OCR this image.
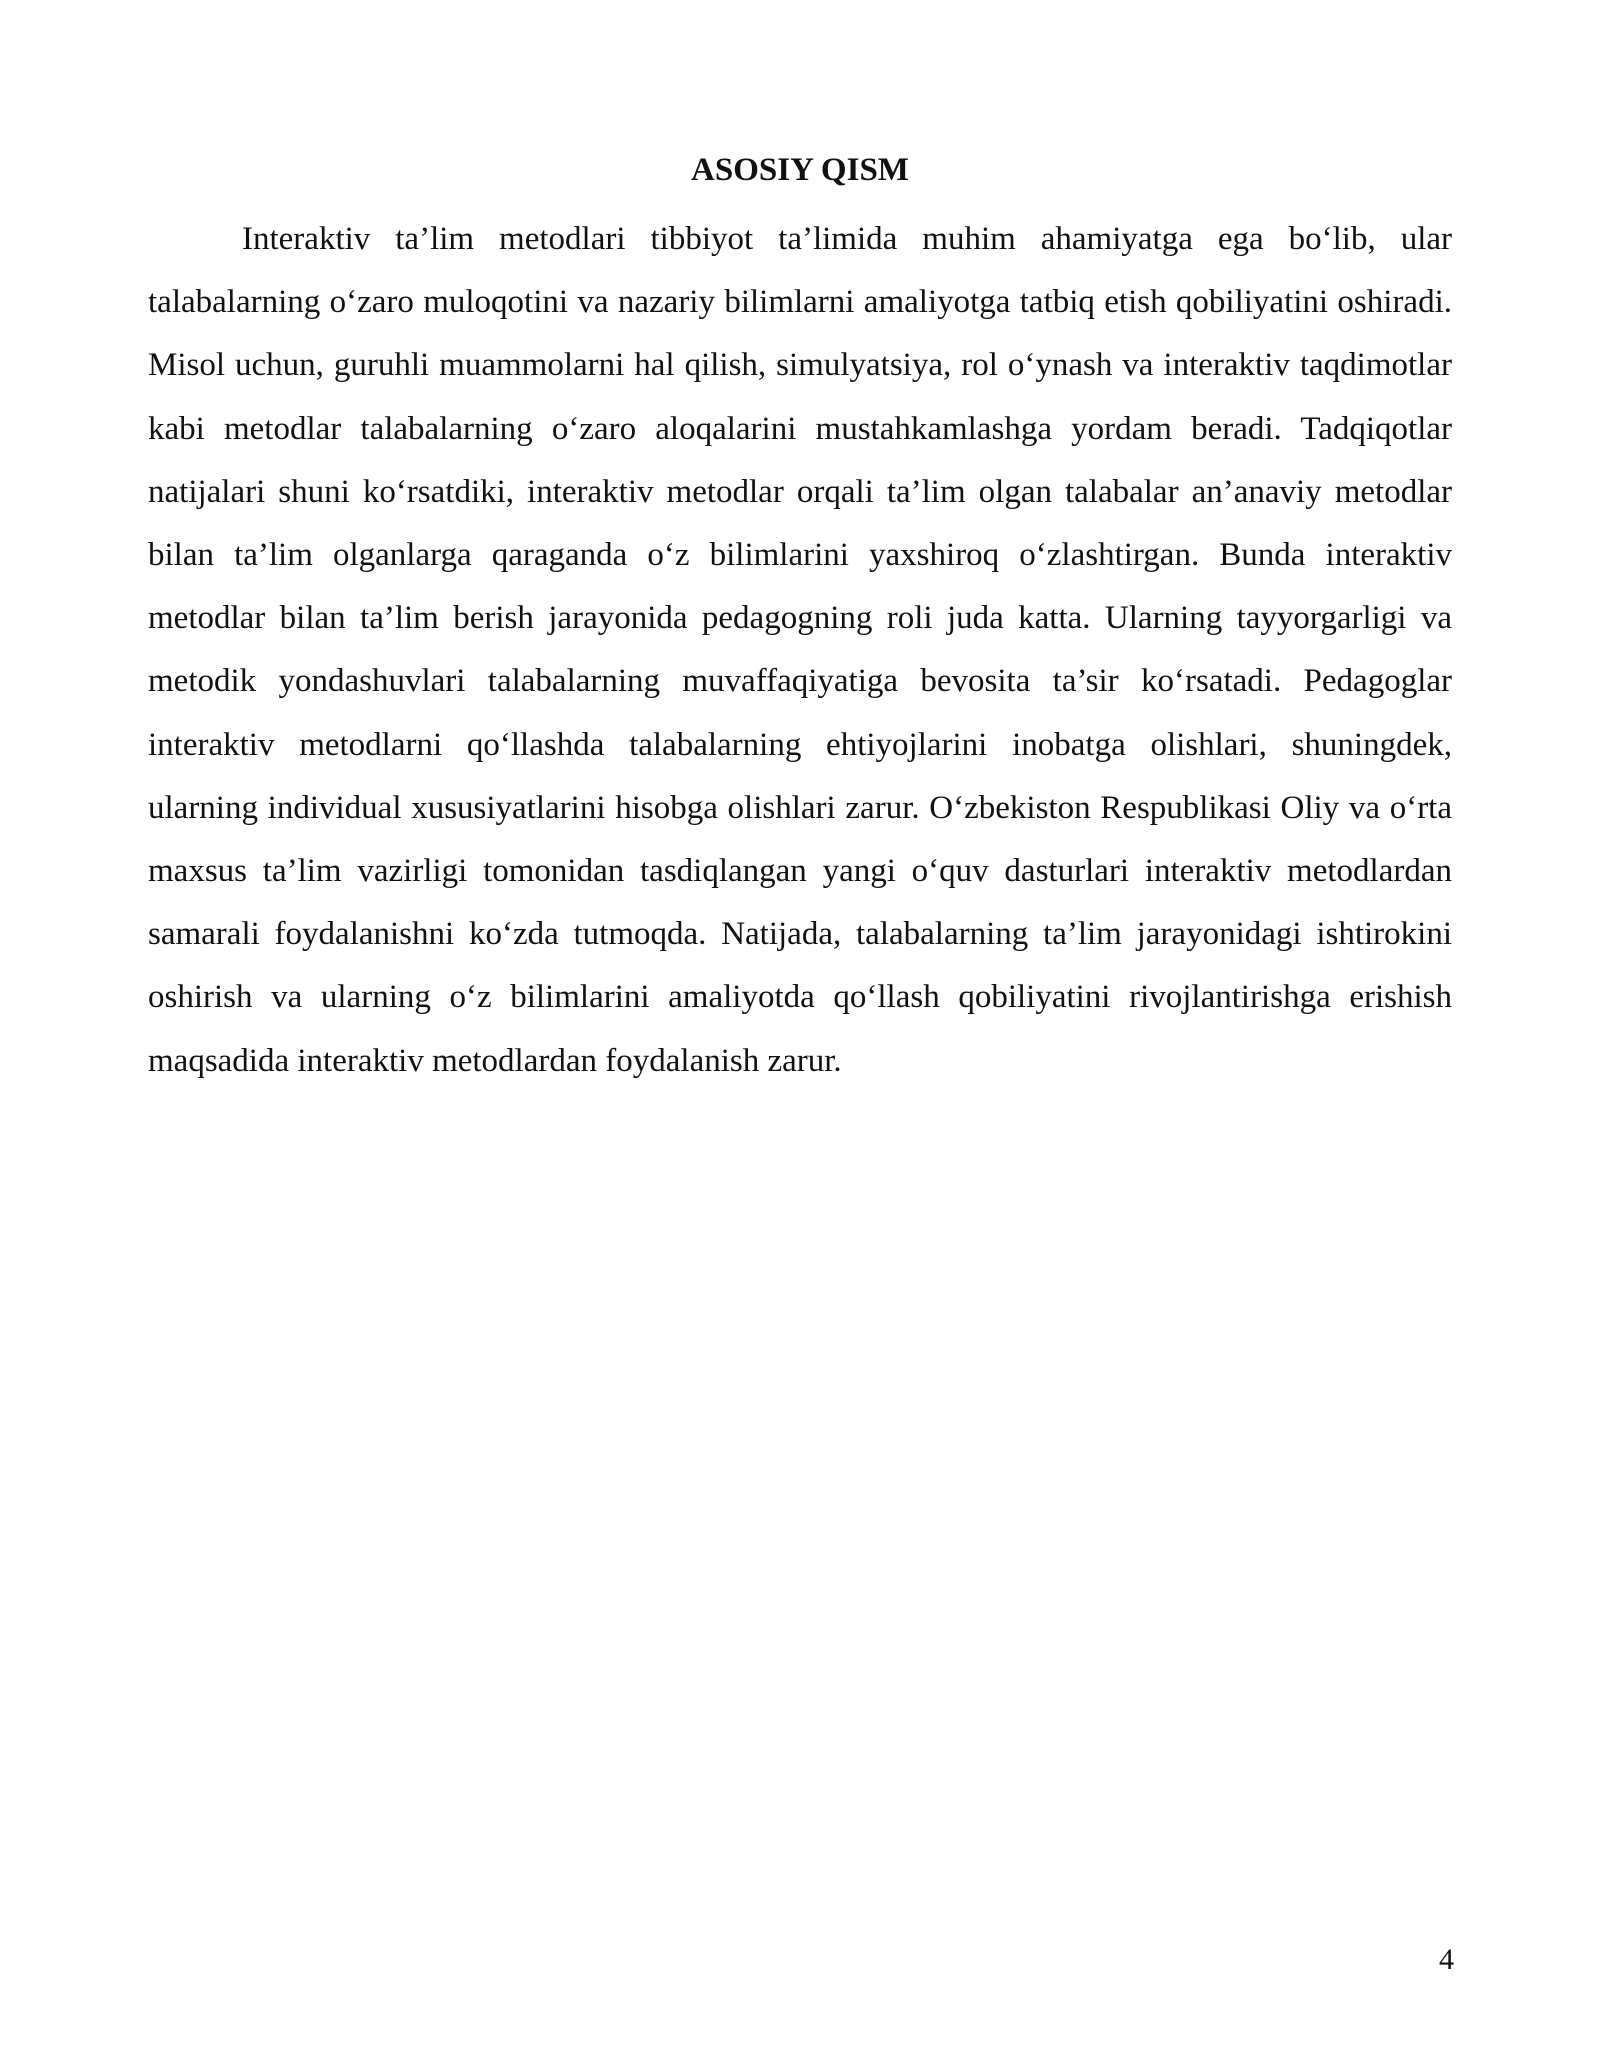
ASOSIY QISM

Interaktiv ta’lim metodlari tibbiyot ta’limida muhim ahamiyatga ega bo‘lib, ular talabalarning o‘zaro muloqotini va nazariy bilimlarni amaliyotga tatbiq etish qobiliyatini oshiradi. Misol uchun, guruhli muammolarni hal qilish, simulyatsiya, rol o‘ynash va interaktiv taqdimotlar kabi metodlar talabalarning o‘zaro aloqalarini mustahkamlashga yordam beradi. Tadqiqotlar natijalari shuni ko‘rsatdiki, interaktiv metodlar orqali ta’lim olgan talabalar an’anaviy metodlar bilan ta’lim olganlarga qaraganda o‘z bilimlarini yaxshiroq o‘zlashtirgan. Bunda interaktiv metodlar bilan ta’lim berish jarayonida pedagogning roli juda katta. Ularning tayyorgarligi va metodik yondashuvlari talabalarning muvaffaqiyatiga bevosita ta’sir ko‘rsatadi. Pedagoglar interaktiv metodlarni qo‘llashda talabalarning ehtiyojlarini inobatga olishlari, shuningdek, ularning individual xususiyatlarini hisobga olishlari zarur. O‘zbekiston Respublikasi Oliy va o‘rta maxsus ta’lim vazirligi tomonidan tasdiqlangan yangi o‘quv dasturlari interaktiv metodlardan samarali foydalanishni ko‘zda tutmoqda. Natijada, talabalarning ta’lim jarayonidagi ishtirokini oshirish va ularning o‘z bilimlarini amaliyotda qo‘llash qobiliyatini rivojlantirishga erishish maqsadida interaktiv metodlardan foydalanish zarur.

4
